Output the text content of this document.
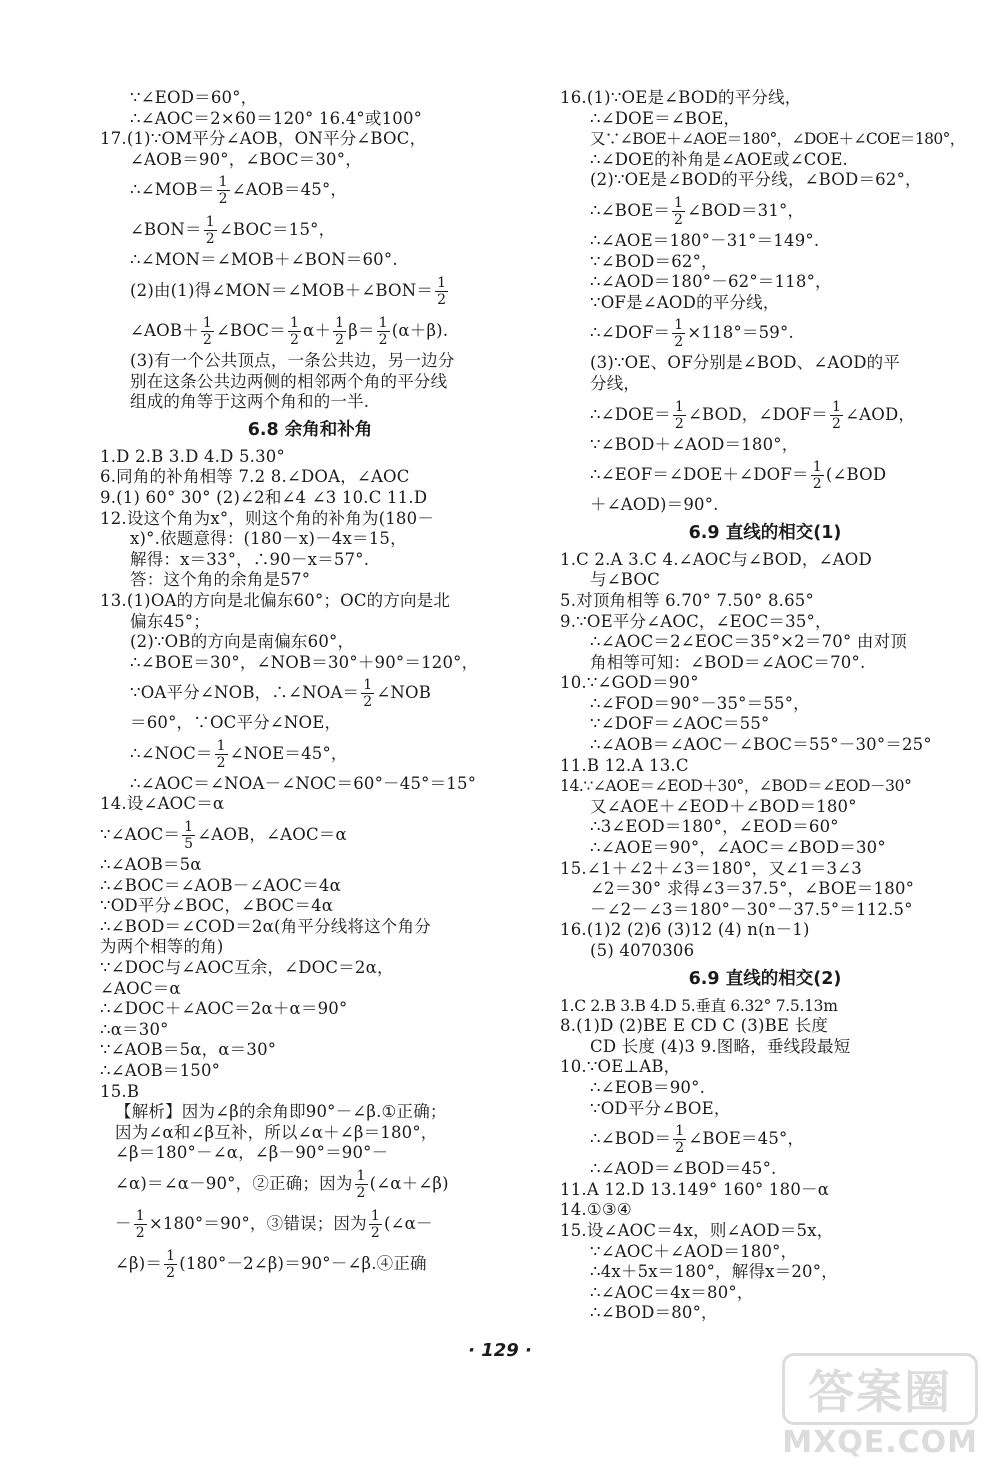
∵∠EOD＝60°，
∴∠AOC＝2×60＝120° 16.4°或100°
17.(1)∵OM平分∠AOB，ON平分∠BOC，
∠AOB＝90°，∠BOC＝30°，
∴∠MOB＝ $\frac{1}{2}$ ∠AOB＝45°，
∠BON＝ $\frac{1}{2}$ ∠BOC＝15°，
∴∠MON＝∠MOB＋∠BON＝60°.
(2)由(1)得∠MON＝∠MOB＋∠BON＝ $\frac{1}{2}$
∠AOB＋ $\frac{1}{2}$ ∠BOC＝ $\frac{1}{2} \alpha+ \frac{1}{2} \beta= \frac{1}{2} (\alpha+\beta)$.
(3)有一个公共顶点，一条公共边，另一边分
别在这条公共边两侧的相邻两个角的平分线
组成的角等于这两个角和的一半.
6.8 余角和补角
1.D 2.B 3.D 4.D 5.30°
6.同角的补角相等 7.2 8.∠DOA，∠AOC
9.(1) 60° 30° (2)∠2和∠4 ∠3 10.C 11.D
12.设这个角为x°，则这个角的补角为(180－
x)°.依题意得：(180－x)－4x＝15，
解得：x＝33°，∴90－x＝57°.
答：这个角的余角是57°
13.(1)OA的方向是北偏东60°；OC的方向是北
偏东45°；
(2)∵OB的方向是南偏东60°，
∴∠BOE＝30°，∠NOB＝30°＋90°＝120°，
∵OA平分∠NOB，∴∠NOA＝ $\frac{1}{2}$ ∠NOB
＝60°，∵OC平分∠NOE，
∴∠NOC＝ $\frac{1}{2}$ ∠NOE＝45°，
∴∠AOC＝∠NOA－∠NOC＝60°－45°＝15°
14.设∠AOC＝α
∵∠AOC＝ $\frac{1}{5}$ ∠AOB，∠AOC＝α
∴∠AOB＝5α
∴∠BOC＝∠AOB－∠AOC＝4α
∵OD平分∠BOC，∠BOC＝4α
∴∠BOD＝∠COD＝2α(角平分线将这个角分
为两个相等的角)
∵∠DOC与∠AOC互余，∠DOC＝2α，
∠AOC＝α
∴∠DOC＋∠AOC＝2α＋α＝90°
∴α＝30°
∵∠AOB＝5α，α＝30°
∴∠AOB＝150°
15.B
【解析】因为∠β的余角即90°－∠β.①正确；
因为∠α和∠β互补，所以∠α＋∠β＝180°，
∠β＝180°－∠α，∠β－90°＝90°－
∠α)＝∠α－90°，②正确；因为 $\frac{1}{2}$ (∠α＋∠β)
－ $\frac{1}{2} \times 180^\circ=90^\circ$，③错误；因为 $\frac{1}{2}$ (∠α－
∠β)＝ $\frac{1}{2}$ (180°－2∠β)＝90°－∠β.④正确
16.(1)∵OE是∠BOD的平分线，
∴∠DOE＝∠BOE，
又∵∠BOE＋∠AOE＝180°，∠DOE＋∠COE＝180°，
∴∠DOE的补角是∠AOE或∠COE.
(2)∵OE是∠BOD的平分线，∠BOD＝62°，
∴∠BOE＝ $\frac{1}{2}$ ∠BOD＝31°，
∴∠AOE＝180°－31°＝149°.
∵∠BOD＝62°，
∴∠AOD＝180°－62°＝118°，
∵OF是∠AOD的平分线，
∴∠DOF＝ $\frac{1}{2} \times 118^\circ=59^\circ$.
(3)∵OE、OF分别是∠BOD、∠AOD的平
分线，
∴∠DOE＝ $\frac{1}{2}$ ∠BOD，∠DOF＝ $\frac{1}{2}$ ∠AOD，
∵∠BOD＋∠AOD＝180°，
∴∠EOF＝∠DOE＋∠DOF＝ $\frac{1}{2}$ (∠BOD
＋∠AOD)＝90°.
6.9 直线的相交(1)
1.C 2.A 3.C 4.∠AOC与∠BOD，∠AOD
与∠BOC
5.对顶角相等 6.70° 7.50° 8.65°
9.∵OE平分∠AOC，∠EOC＝35°，
∴∠AOC＝2∠EOC＝35°×2＝70° 由对顶
角相等可知：∠BOD＝∠AOC＝70°.
10.∵∠GOD＝90°
∴∠FOD＝90°－35°＝55°，
∵∠DOF＝∠AOC＝55°
∴∠AOB＝∠AOC－∠BOC＝55°－30°＝25°
11.B 12.A 13.C
14.∵∠AOE＝∠EOD＋30°，∠BOD＝∠EOD－30°
又∠AOE＋∠EOD＋∠BOD＝180°
∴3∠EOD＝180°，∠EOD＝60°
∴∠AOE＝90°，∠AOC＝∠BOD＝30°
15.∠1＋∠2＋∠3＝180°，又∠1＝3∠3
∠2＝30° 求得∠3＝37.5°，∠BOE＝180°
－∠2－∠3＝180°－30°－37.5°＝112.5°
16.(1)2 (2)6 (3)12 (4) n(n－1)
(5) 4070306
6.9 直线的相交(2)
1.C 2.B 3.B 4.D 5.垂直 6.32° 7.5.13m
8.(1)D (2)BE E CD C (3)BE 长度
CD 长度 (4)3 9.图略，垂线段最短
10.∵OE⊥AB，
∴∠EOB＝90°.
∵OD平分∠BOE，
∴∠BOD＝ $\frac{1}{2}$ ∠BOE＝45°，
∴∠AOD＝∠BOD＝45°.
11.A 12.D 13.149° 160° 180－α
14.①③④
15.设∠AOC＝4x，则∠AOD＝5x，
∵∠AOC＋∠AOD＝180°，
∴4x＋5x＝180°，解得x＝20°，
∴∠AOC＝4x＝80°，
∴∠BOD＝80°，
· 129 ·
答案圈
MXQE.COM
